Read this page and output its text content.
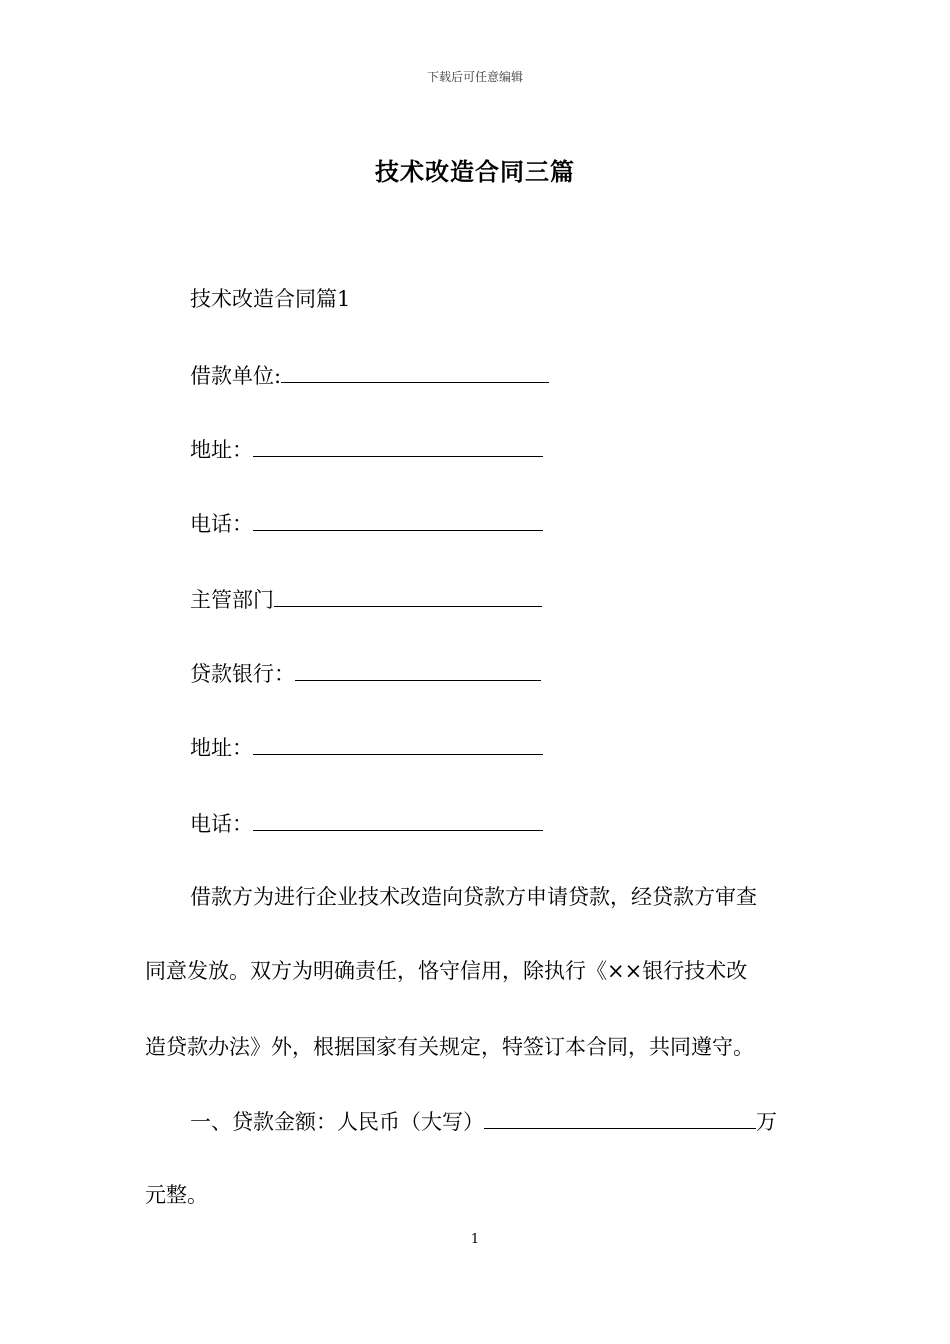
下载后可任意编辑
技术改造合同三篇
技术改造合同篇1
借款单位:
地址：
电话：
主管部门
贷款银行：
地址：
电话：
借款方为进行企业技术改造向贷款方申请贷款，经贷款方审查
同意发放。双方为明确责任，恪守信用，除执行《××银行技术改
造贷款办法》外，根据国家有关规定，特签订本合同，共同遵守。
一、贷款金额：人民币（大写）	万
元整。
1
